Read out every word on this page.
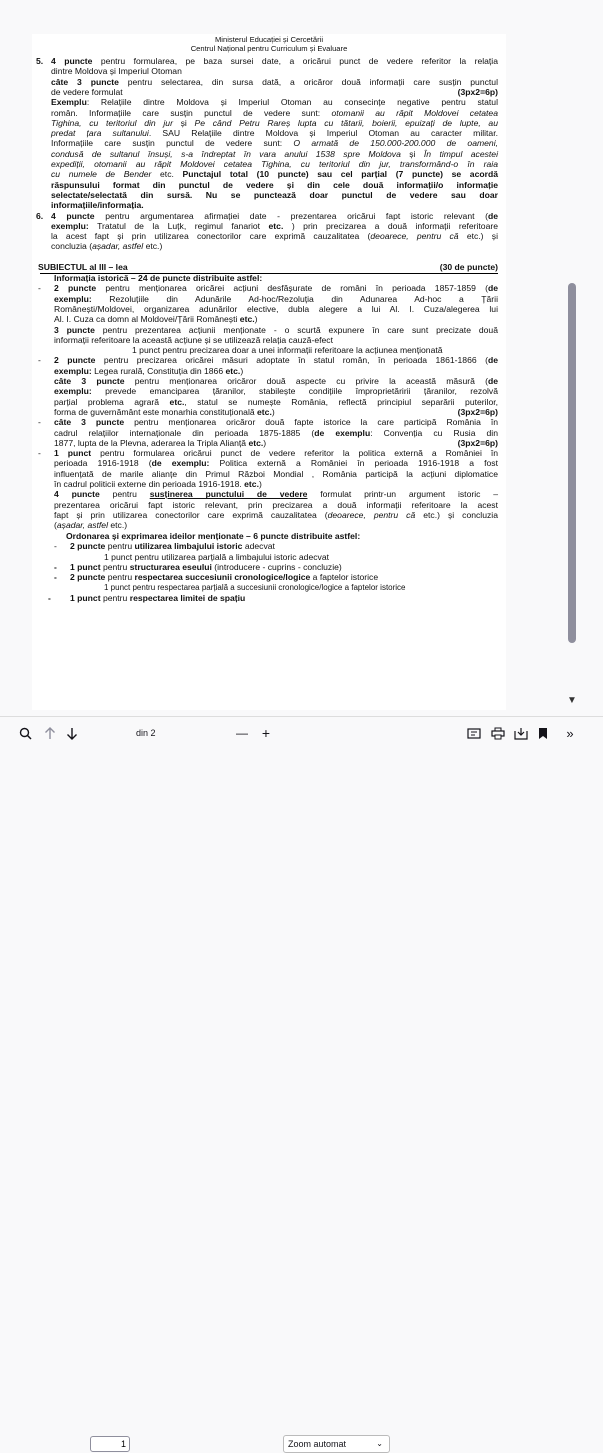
Ministerul Educației și Cercetării
Centrul Național pentru Curriculum și Evaluare
5. 4 puncte pentru formularea, pe baza sursei date, a oricărui punct de vedere referitor la relația
dintre Moldova și Imperiul Otoman
câte 3 puncte pentru selectarea, din sursa dată, a oricăror două informații care susțin punctul
de vedere formulat	(3px2=6p)
Exemplu: Relațiile dintre Moldova și Imperiul Otoman au consecințe negative pentru statul
român. Informațiile care susțin punctul de vedere sunt: otomanii au răpit Moldovei cetatea
Tighina, cu teritoriul din jur și Pe când Petru Rareș lupta cu tătarii, boierii, epuizați de lupte, au
predat țara sultanului. SAU Relațiile dintre Moldova și Imperiul Otoman au caracter militar.
Informațiile care susțin punctul de vedere sunt: O armată de 150.000-200.000 de oameni,
condusă de sultanul însuși, s-a îndreptat în vara anului 1538 spre Moldova și În timpul acestei
expediții, otomanii au răpit Moldovei cetatea Tighina, cu teritoriul din jur, transformând-o în raia
cu numele de Bender etc. Punctajul total (10 puncte) sau cel parțial (7 puncte) se acordă
răspunsului format din punctul de vedere și din cele două informații/o informație
selectate/selectată din sursă. Nu se punctează doar punctul de vedere sau doar
informațiile/informația.
6. 4 puncte pentru argumentarea afirmației date - prezentarea oricărui fapt istoric relevant (de
exemplu: Tratatul de la Luțk, regimul fanariot etc. ) prin precizarea a două informații referitoare
la acest fapt și prin utilizarea conectorilor care exprimă cauzalitatea (deoarece, pentru că etc.) și
concluzia (așadar, astfel etc.)
SUBIECTUL al III – lea	(30 de puncte)
Informația istorică – 24 de puncte distribuite astfel:
- 2 puncte pentru menționarea oricărei acțiuni desfășurate de români în perioada 1857-1859 (de
exemplu: Rezoluțiile din Adunările Ad-hoc/Rezoluția din Adunarea Ad-hoc a Țării
Românești/Moldovei, organizarea adunărilor elective, dubla alegere a lui Al. I. Cuza/alegerea lui
Al. I. Cuza ca domn al Moldovei/Țării Românești etc.)
3 puncte pentru prezentarea acțiunii menționate - o scurtă expunere în care sunt precizate două
informații referitoare la această acțiune și se utilizează relația cauză-efect
1 punct pentru precizarea doar a unei informații referitoare la acțiunea menționată
- 2 puncte pentru precizarea oricărei măsuri adoptate în statul român, în perioada 1861-1866 (de
exemplu: Legea rurală, Constituția din 1866 etc.)
câte 3 puncte pentru menționarea oricăror două aspecte cu privire la această măsură (de
exemplu: prevede emanciparea țăranilor, stabilește condițiile împroprietăririi țăranilor, rezolvă
parțial problema agrară etc., statul se numește România, reflectă principiul separării puterilor,
forma de guvernământ este monarhia constituțională etc.)	(3px2=6p)
- câte 3 puncte pentru menționarea oricăror două fapte istorice la care participă România în
cadrul relațiilor internaționale din perioada 1875-1885 (de exemplu: Convenția cu Rusia din
1877, lupta de la Plevna, aderarea la Tripla Alianță etc.)	(3px2=6p)
- 1 punct pentru formularea oricărui punct de vedere referitor la politica externă a României în
perioada 1916-1918 (de exemplu: Politica externă a României în perioada 1916-1918 a fost
influențată de marile alianțe din Primul Război Mondial , România participă la acțiuni diplomatice
în cadrul politicii externe din perioada 1916-1918. etc.)
4 puncte pentru susținerea punctului de vedere formulat printr-un argument istoric –
prezentarea oricărui fapt istoric relevant, prin precizarea a două informații referitoare la acest
fapt și prin utilizarea conectorilor care exprimă cauzalitatea (deoarece, pentru că etc.) și concluzia
(așadar, astfel etc.)
Ordonarea și exprimarea ideilor menționate – 6 puncte distribuite astfel:
- 2 puncte pentru utilizarea limbajului istoric adecvat
1 punct pentru utilizarea parțială a limbajului istoric adecvat
- 1 punct pentru structurarea eseului (introducere - cuprins - concluzie)
- 2 puncte pentru respectarea succesiunii cronologice/logice a faptelor istorice
1 punct pentru respectarea parțială a succesiunii cronologice/logice a faptelor istorice
- 1 punct pentru respectarea limitei de spațiu
▼
1
din 2	— +
Zoom automat	⌄
»
